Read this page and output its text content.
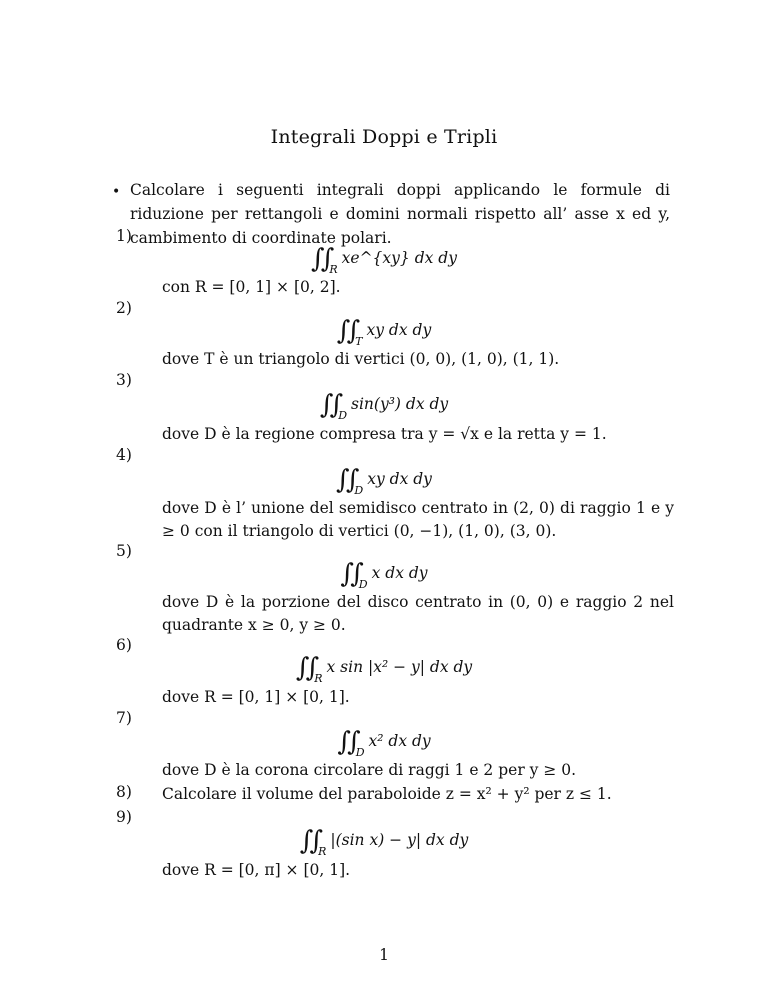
Integrali Doppi e Tripli
• Calcolare i seguenti integrali doppi applicando le formule di riduzione per rettangoli e domini normali rispetto all’ asse x ed y, cambimento di coordinate polari.
1)
∫ $\int_Rxe\^{}\{xy\}$ dx dy
con R = [0, 1] × [0, 2].
2)
∫ $\int_Txy$ dx dy
dove T è un triangolo di vertici (0, 0), (1, 0), (1, 1).
3)
∫ $\int_D\sin(y^3)$ dx dy
dove D è la regione compresa tra y = √x e la retta y = 1.
4)
∫ $\int_Dxy$ dx dy
dove D è l’ unione del semidisco centrato in (2, 0) di raggio 1 e y ≥ 0 con il triangolo di vertici (0, −1), (1, 0), (3, 0).
5)
∫ $\int_Dx$ dx dy
dove D è la porzione del disco centrato in (0, 0) e raggio 2 nel quadrante x ≥ 0, y ≥ 0.
6)
∫ $\int_Rx$ sin |x² − y| dx dy
dove R = [0, 1] × [0, 1].
7)
∫ $\int_Dx^2$ dx dy
dove D è la corona circolare di raggi 1 e 2 per y ≥ 0.
8) Calcolare il volume del paraboloide z = x² + y² per z ≤ 1.
9)
∫ $\int_R|(\sin$ x) − y| dx dy
dove R = [0, π] × [0, 1].
1
